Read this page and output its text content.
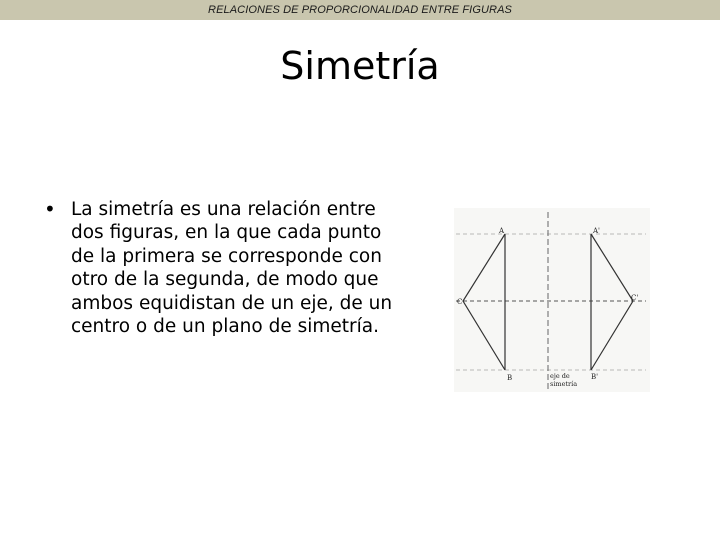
RELACIONES DE PROPORCIONALIDAD ENTRE FIGURAS
Simetría
• La simetría es una relación entre
dos figuras, en la que cada punto
de la primera se corresponde con
otro de la segunda, de modo que
ambos equidistan de un eje, de un
centro o de un plano de simetría.
A	A'
C	C'
B	B'
eje de
simetría
